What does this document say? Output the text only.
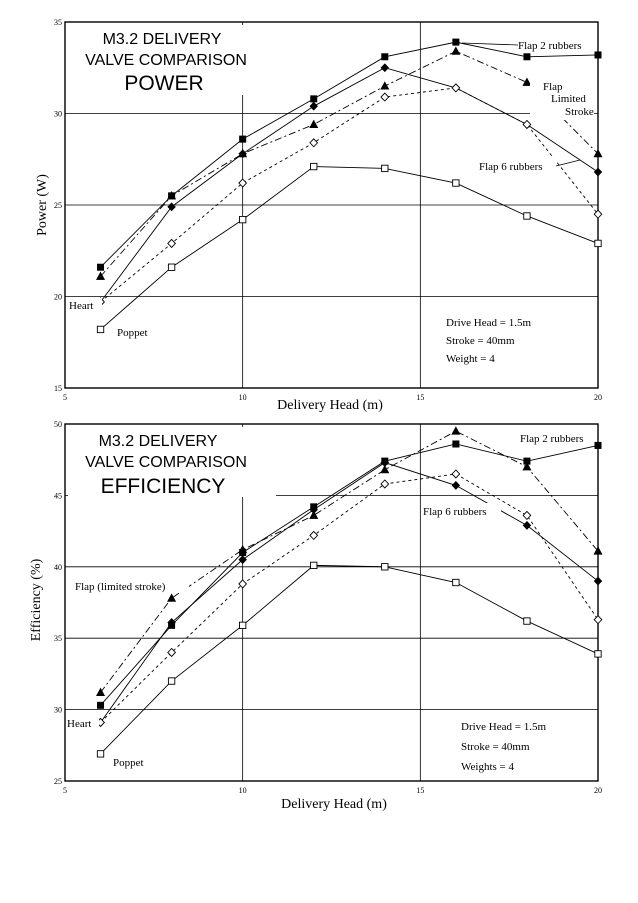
5	10	15	20
15
20
25
30
35
M3.2 DELIVERY
VALVE COMPARISON
POWER
Delivery Head (m)
Power (W)
Flap 2 rubbers
Flap
Limited
Stroke
Flap 6 rubbers
Heart
Poppet
Drive Head = 1.5m
Stroke = 40mm
Weight = 4
5	10	15	20
25
30
35
40
45
50
M3.2 DELIVERY
VALVE COMPARISON
EFFICIENCY
Delivery Head (m)
Efficiency (%)
Flap 2 rubbers
Flap 6 rubbers
Flap (limited stroke)
Heart
Poppet
Drive Head = 1.5m
Stroke = 40mm
Weights = 4
